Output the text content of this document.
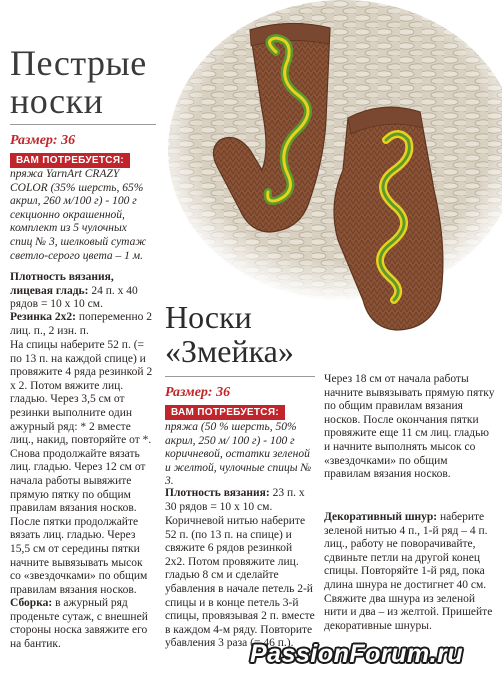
Пестрые
носки
Размер: 36
ВАМ ПОТРЕБУЕТСЯ:
пряжа YarnArt CRAZY COLOR (35% шерсть, 65% акрил, 260 м/100 г) - 100 г секционно окрашенной, комплект из 5 чулочных спиц № 3, шелковый сутаж светло-серого цвета – 1 м.
Плотность вязания, лицевая гладь: 24 п. х 40 рядов = 10 х 10 см.
Резинка 2х2: попеременно 2 лиц. п., 2 изн. п.
На спицы наберите 52 п. (= по 13 п. на каждой спице) и провяжите 4 ряда резинкой 2 х 2. Потом вяжите лиц. гладью. Через 3,5 см от резинки выполните один ажурный ряд: * 2 вместе лиц., накид, повторяйте от *. Снова продолжайте вязать лиц. гладью. Через 12 см от начала работы вывяжите прямую пятку по общим правилам вязания носков. После пятки продолжайте вязать лиц. гладью. Через 15,5 см от середины пятки начните вывязывать мысок со «звездочками» по общим правилам вязания носков.
Сборка: в ажурный ряд проденьте сутаж, с внешней стороны носка завяжите его на бантик.
Носки
«Змейка»
Размер: 36
ВАМ ПОТРЕБУЕТСЯ:
пряжа (50 % шерсть, 50% акрил, 250 м/ 100 г) - 100 г коричневой, остатки зеленой и желтой, чулочные спицы № 3.
Плотность вязания: 23 п. х 30 рядов = 10 х 10 см.
Коричневой нитью наберите 52 п. (по 13 п. на спице) и свяжите 6 рядов резинкой 2х2. Потом провяжите лиц. гладью 8 см и сделайте убавления в начале петель 2-й спицы и в конце петель 3-й спицы, провязывая 2 п. вместе в каждом 4-м ряду. Повторите убавления 3 раза (= 46 п.).
Через 18 см от начала работы начните вывязывать прямую пятку по общим правилам вязания носков. После окончания пятки провяжите еще 11 см лиц. гладью и начните выполнять мысок со «звездочками» по общим правилам вязания носков.
Декоративный шнур: наберите зеленой нитью 4 п., 1-й ряд – 4 п. лиц., работу не поворачивайте, сдвиньте петли на другой конец спицы. Повторяйте 1-й ряд, пока длина шнура не достигнет 40 см. Свяжите два шнура из зеленой нити и два – из желтой. Пришейте декоративные шнуры.
PassionForum.ru
